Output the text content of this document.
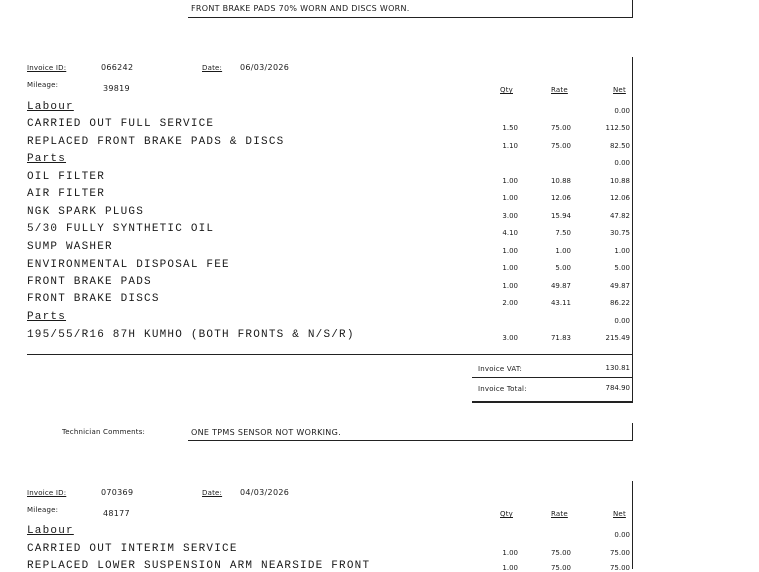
FRONT BRAKE PADS 70% WORN AND DISCS WORN.
Invoice ID:	066242	Date: 06/03/2026
Mileage:	39819	Qty	Rate	Net
Labour	0.00
CARRIED OUT FULL SERVICE	1.50	75.00	112.50
REPLACED FRONT BRAKE PADS & DISCS	1.10	75.00	82.50
Parts	0.00
OIL FILTER	1.00	10.88	10.88
AIR FILTER	1.00	12.06	12.06
NGK SPARK PLUGS	3.00	15.94	47.82
5/30 FULLY SYNTHETIC OIL	4.10	7.50	30.75
SUMP WASHER	1.00	1.00	1.00
ENVIRONMENTAL DISPOSAL FEE	1.00	5.00	5.00
FRONT BRAKE PADS	1.00	49.87	49.87
FRONT BRAKE DISCS	2.00	43.11	86.22
Parts	0.00
195/55/R16 87H KUMHO (BOTH FRONTS & N/S/R)	3.00	71.83	215.49
Invoice VAT:	130.81
Invoice Total:	784.90
Technician Comments:	ONE TPMS SENSOR NOT WORKING.
Invoice ID:	070369	Date: 04/03/2026
Mileage:	48177	Qty	Rate	Net
Labour	0.00
CARRIED OUT INTERIM SERVICE	1.00	75.00	75.00
REPLACED LOWER SUSPENSION ARM NEARSIDE FRONT	1.00	75.00	75.00
